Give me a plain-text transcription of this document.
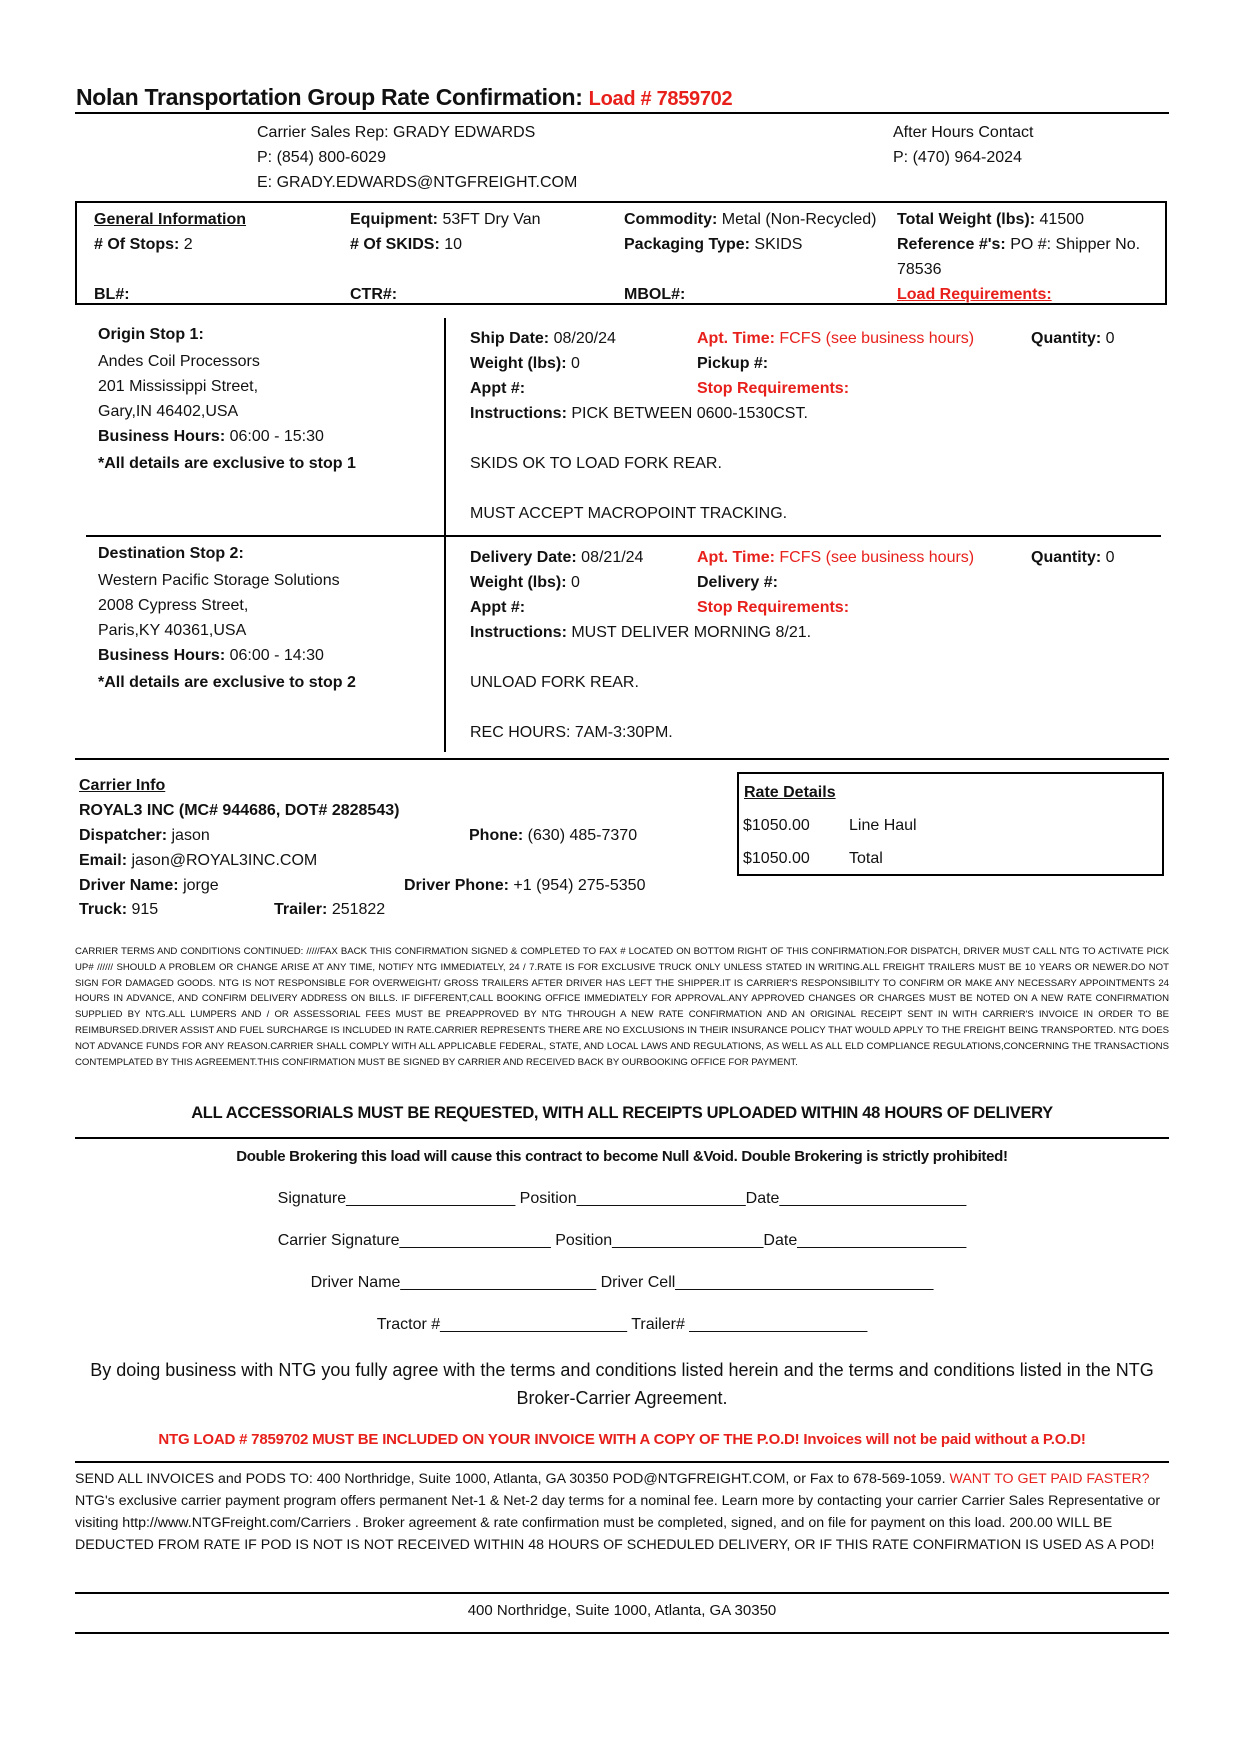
Nolan Transportation Group Rate Confirmation: Load # 7859702
Carrier Sales Rep: GRADY EDWARDS
P: (854) 800-6029
E: GRADY.EDWARDS@NTGFREIGHT.COM
After Hours Contact
P: (470) 964-2024
General Information
# Of Stops: 2
Equipment: 53FT Dry Van
# Of SKIDS: 10
Commodity: Metal (Non-Recycled)
Packaging Type: SKIDS
Total Weight (lbs): 41500
Reference #'s: PO #: Shipper No.
78536
BL#:	CTR#:	MBOL#:	Load Requirements:
Origin Stop 1:
Andes Coil Processors
201 Mississippi Street,
Gary,IN 46402,USA
Business Hours: 06:00 - 15:30
*All details are exclusive to stop 1
Ship Date: 08/20/24
Weight (lbs): 0
Appt #:
Instructions: PICK BETWEEN 0600-1530CST.
SKIDS OK TO LOAD FORK REAR.
MUST ACCEPT MACROPOINT TRACKING.
Apt. Time: FCFS (see business hours)
Pickup #:
Stop Requirements:
Quantity: 0
Destination Stop 2:
Western Pacific Storage Solutions
2008 Cypress Street,
Paris,KY 40361,USA
Business Hours: 06:00 - 14:30
*All details are exclusive to stop 2
Delivery Date: 08/21/24
Weight (lbs): 0
Appt #:
Instructions: MUST DELIVER MORNING 8/21.
UNLOAD FORK REAR.
REC HOURS: 7AM-3:30PM.
Apt. Time: FCFS (see business hours)
Delivery #:
Stop Requirements:
Quantity: 0
Carrier Info
ROYAL3 INC (MC# 944686, DOT# 2828543)
Dispatcher: jason	Phone: (630) 485-7370
Email: jason@ROYAL3INC.COM
Driver Name: jorge	Driver Phone: +1 (954) 275-5350
Truck: 915	Trailer: 251822
Rate Details
$1050.00 Line Haul
$1050.00 Total
CARRIER TERMS AND CONDITIONS CONTINUED: /////FAX BACK THIS CONFIRMATION SIGNED & COMPLETED TO FAX # LOCATED ON BOTTOM RIGHT OF THIS CONFIRMATION.FOR DISPATCH, DRIVER MUST CALL NTG TO ACTIVATE PICK UP# ////// SHOULD A PROBLEM OR CHANGE ARISE AT ANY TIME, NOTIFY NTG IMMEDIATELY, 24 / 7.RATE IS FOR EXCLUSIVE TRUCK ONLY UNLESS STATED IN WRITING.ALL FREIGHT TRAILERS MUST BE 10 YEARS OR NEWER.DO NOT SIGN FOR DAMAGED GOODS. NTG IS NOT RESPONSIBLE FOR OVERWEIGHT/ GROSS TRAILERS AFTER DRIVER HAS LEFT THE SHIPPER.IT IS CARRIER'S RESPONSIBILITY TO CONFIRM OR MAKE ANY NECESSARY APPOINTMENTS 24 HOURS IN ADVANCE, AND CONFIRM DELIVERY ADDRESS ON BILLS. IF DIFFERENT,CALL BOOKING OFFICE IMMEDIATELY FOR APPROVAL.ANY APPROVED CHANGES OR CHARGES MUST BE NOTED ON A NEW RATE CONFIRMATION SUPPLIED BY NTG.ALL LUMPERS AND / OR ASSESSORIAL FEES MUST BE PREAPPROVED BY NTG THROUGH A NEW RATE CONFIRMATION AND AN ORIGINAL RECEIPT SENT IN WITH CARRIER'S INVOICE IN ORDER TO BE REIMBURSED.DRIVER ASSIST AND FUEL SURCHARGE IS INCLUDED IN RATE.CARRIER REPRESENTS THERE ARE NO EXCLUSIONS IN THEIR INSURANCE POLICY THAT WOULD APPLY TO THE FREIGHT BEING TRANSPORTED. NTG DOES NOT ADVANCE FUNDS FOR ANY REASON.CARRIER SHALL COMPLY WITH ALL APPLICABLE FEDERAL, STATE, AND LOCAL LAWS AND REGULATIONS, AS WELL AS ALL ELD COMPLIANCE REGULATIONS,CONCERNING THE TRANSACTIONS CONTEMPLATED BY THIS AGREEMENT.THIS CONFIRMATION MUST BE SIGNED BY CARRIER AND RECEIVED BACK BY OURBOOKING OFFICE FOR PAYMENT.
ALL ACCESSORIALS MUST BE REQUESTED, WITH ALL RECEIPTS UPLOADED WITHIN 48 HOURS OF DELIVERY
Double Brokering this load will cause this contract to become Null &Void. Double Brokering is strictly prohibited!
Signature___________________ Position___________________Date_____________________
Carrier Signature_________________ Position_________________Date___________________
Driver Name______________________ Driver Cell_____________________________
Tractor #_____________________ Trailer# ____________________
By doing business with NTG you fully agree with the terms and conditions listed herein and the terms and conditions listed in the NTG Broker-Carrier Agreement.
NTG LOAD # 7859702 MUST BE INCLUDED ON YOUR INVOICE WITH A COPY OF THE P.O.D! Invoices will not be paid without a P.O.D!
SEND ALL INVOICES and PODS TO: 400 Northridge, Suite 1000, Atlanta, GA 30350 POD@NTGFREIGHT.COM, or Fax to 678-569-1059. WANT TO GET PAID FASTER? NTG's exclusive carrier payment program offers permanent Net-1 & Net-2 day terms for a nominal fee. Learn more by contacting your carrier Carrier Sales Representative or visiting http://www.NTGFreight.com/Carriers . Broker agreement & rate confirmation must be completed, signed, and on file for payment on this load. 200.00 WILL BE DEDUCTED FROM RATE IF POD IS NOT IS NOT RECEIVED WITHIN 48 HOURS OF SCHEDULED DELIVERY, OR IF THIS RATE CONFIRMATION IS USED AS A POD!
400 Northridge, Suite 1000, Atlanta, GA 30350
